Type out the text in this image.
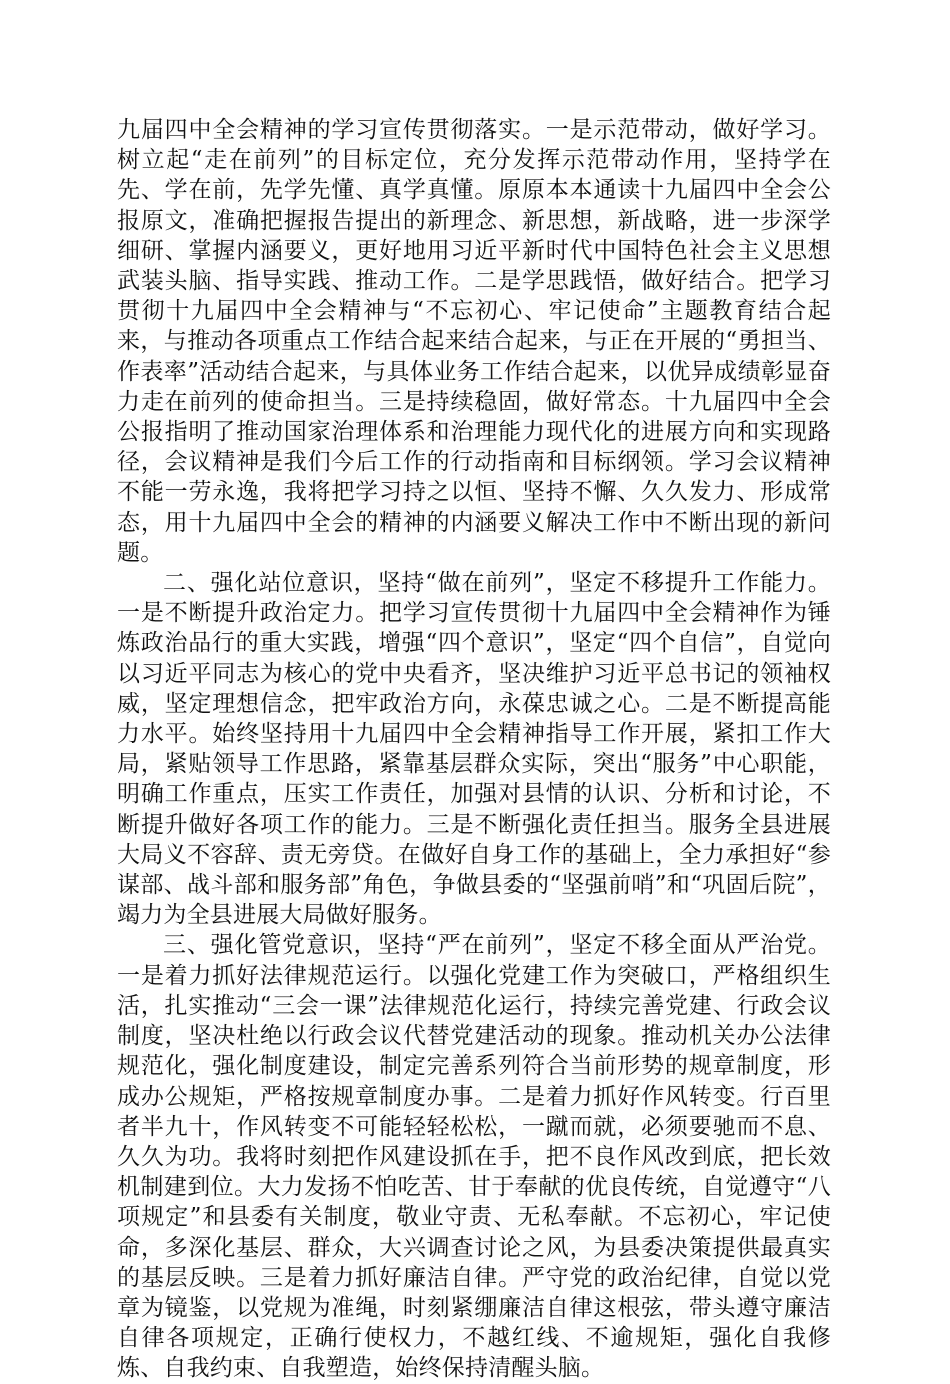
九届四中全会精神的学习宣传贯彻落实。一是示范带动，做好学习。树立起“走在前列”的目标定位，充分发挥示范带动作用，坚持学在先、学在前，先学先懂、真学真懂。原原本本通读十九届四中全会公报原文，准确把握报告提出的新理念、新思想，新战略，进一步深学细研、掌握内涵要义，更好地用习近平新时代中国特色社会主义思想武装头脑、指导实践、推动工作。二是学思践悟，做好结合。把学习贯彻十九届四中全会精神与“不忘初心、牢记使命”主题教育结合起来，与推动各项重点工作结合起来结合起来，与正在开展的“勇担当、作表率”活动结合起来，与具体业务工作结合起来，以优异成绩彰显奋力走在前列的使命担当。三是持续稳固，做好常态。十九届四中全会公报指明了推动国家治理体系和治理能力现代化的进展方向和实现路径，会议精神是我们今后工作的行动指南和目标纲领。学习会议精神不能一劳永逸，我将把学习持之以恒、坚持不懈、久久发力、形成常态，用十九届四中全会的精神的内涵要义解决工作中不断出现的新问题。

二、强化站位意识，坚持“做在前列”，坚定不移提升工作能力。一是不断提升政治定力。把学习宣传贯彻十九届四中全会精神作为锤炼政治品行的重大实践，增强“四个意识”，坚定“四个自信”，自觉向以习近平同志为核心的党中央看齐，坚决维护习近平总书记的领袖权威，坚定理想信念，把牢政治方向，永葆忠诚之心。二是不断提高能力水平。始终坚持用十九届四中全会精神指导工作开展，紧扣工作大局，紧贴领导工作思路，紧靠基层群众实际，突出“服务”中心职能，明确工作重点，压实工作责任，加强对县情的认识、分析和讨论，不断提升做好各项工作的能力。三是不断强化责任担当。服务全县进展大局义不容辞、责无旁贷。在做好自身工作的基础上，全力承担好“参谋部、战斗部和服务部”角色，争做县委的“坚强前哨”和“巩固后院”，竭力为全县进展大局做好服务。

三、强化管党意识，坚持“严在前列”，坚定不移全面从严治党。一是着力抓好法律规范运行。以强化党建工作为突破口，严格组织生活，扎实推动“三会一课”法律规范化运行，持续完善党建、行政会议制度，坚决杜绝以行政会议代替党建活动的现象。推动机关办公法律规范化，强化制度建设，制定完善系列符合当前形势的规章制度，形成办公规矩，严格按规章制度办事。二是着力抓好作风转变。行百里者半九十，作风转变不可能轻轻松松，一蹴而就，必须要驰而不息、久久为功。我将时刻把作风建设抓在手，把不良作风改到底，把长效机制建到位。大力发扬不怕吃苦、甘于奉献的优良传统，自觉遵守“八项规定”和县委有关制度，敬业守责、无私奉献。不忘初心，牢记使命，多深化基层、群众，大兴调查讨论之风，为县委决策提供最真实的基层反映。三是着力抓好廉洁自律。严守党的政治纪律，自觉以党章为镜鉴，以党规为准绳，时刻紧绷廉洁自律这根弦，带头遵守廉洁自律各项规定，正确行使权力，不越红线、不逾规矩，强化自我修炼、自我约束、自我塑造，始终保持清醒头脑。
